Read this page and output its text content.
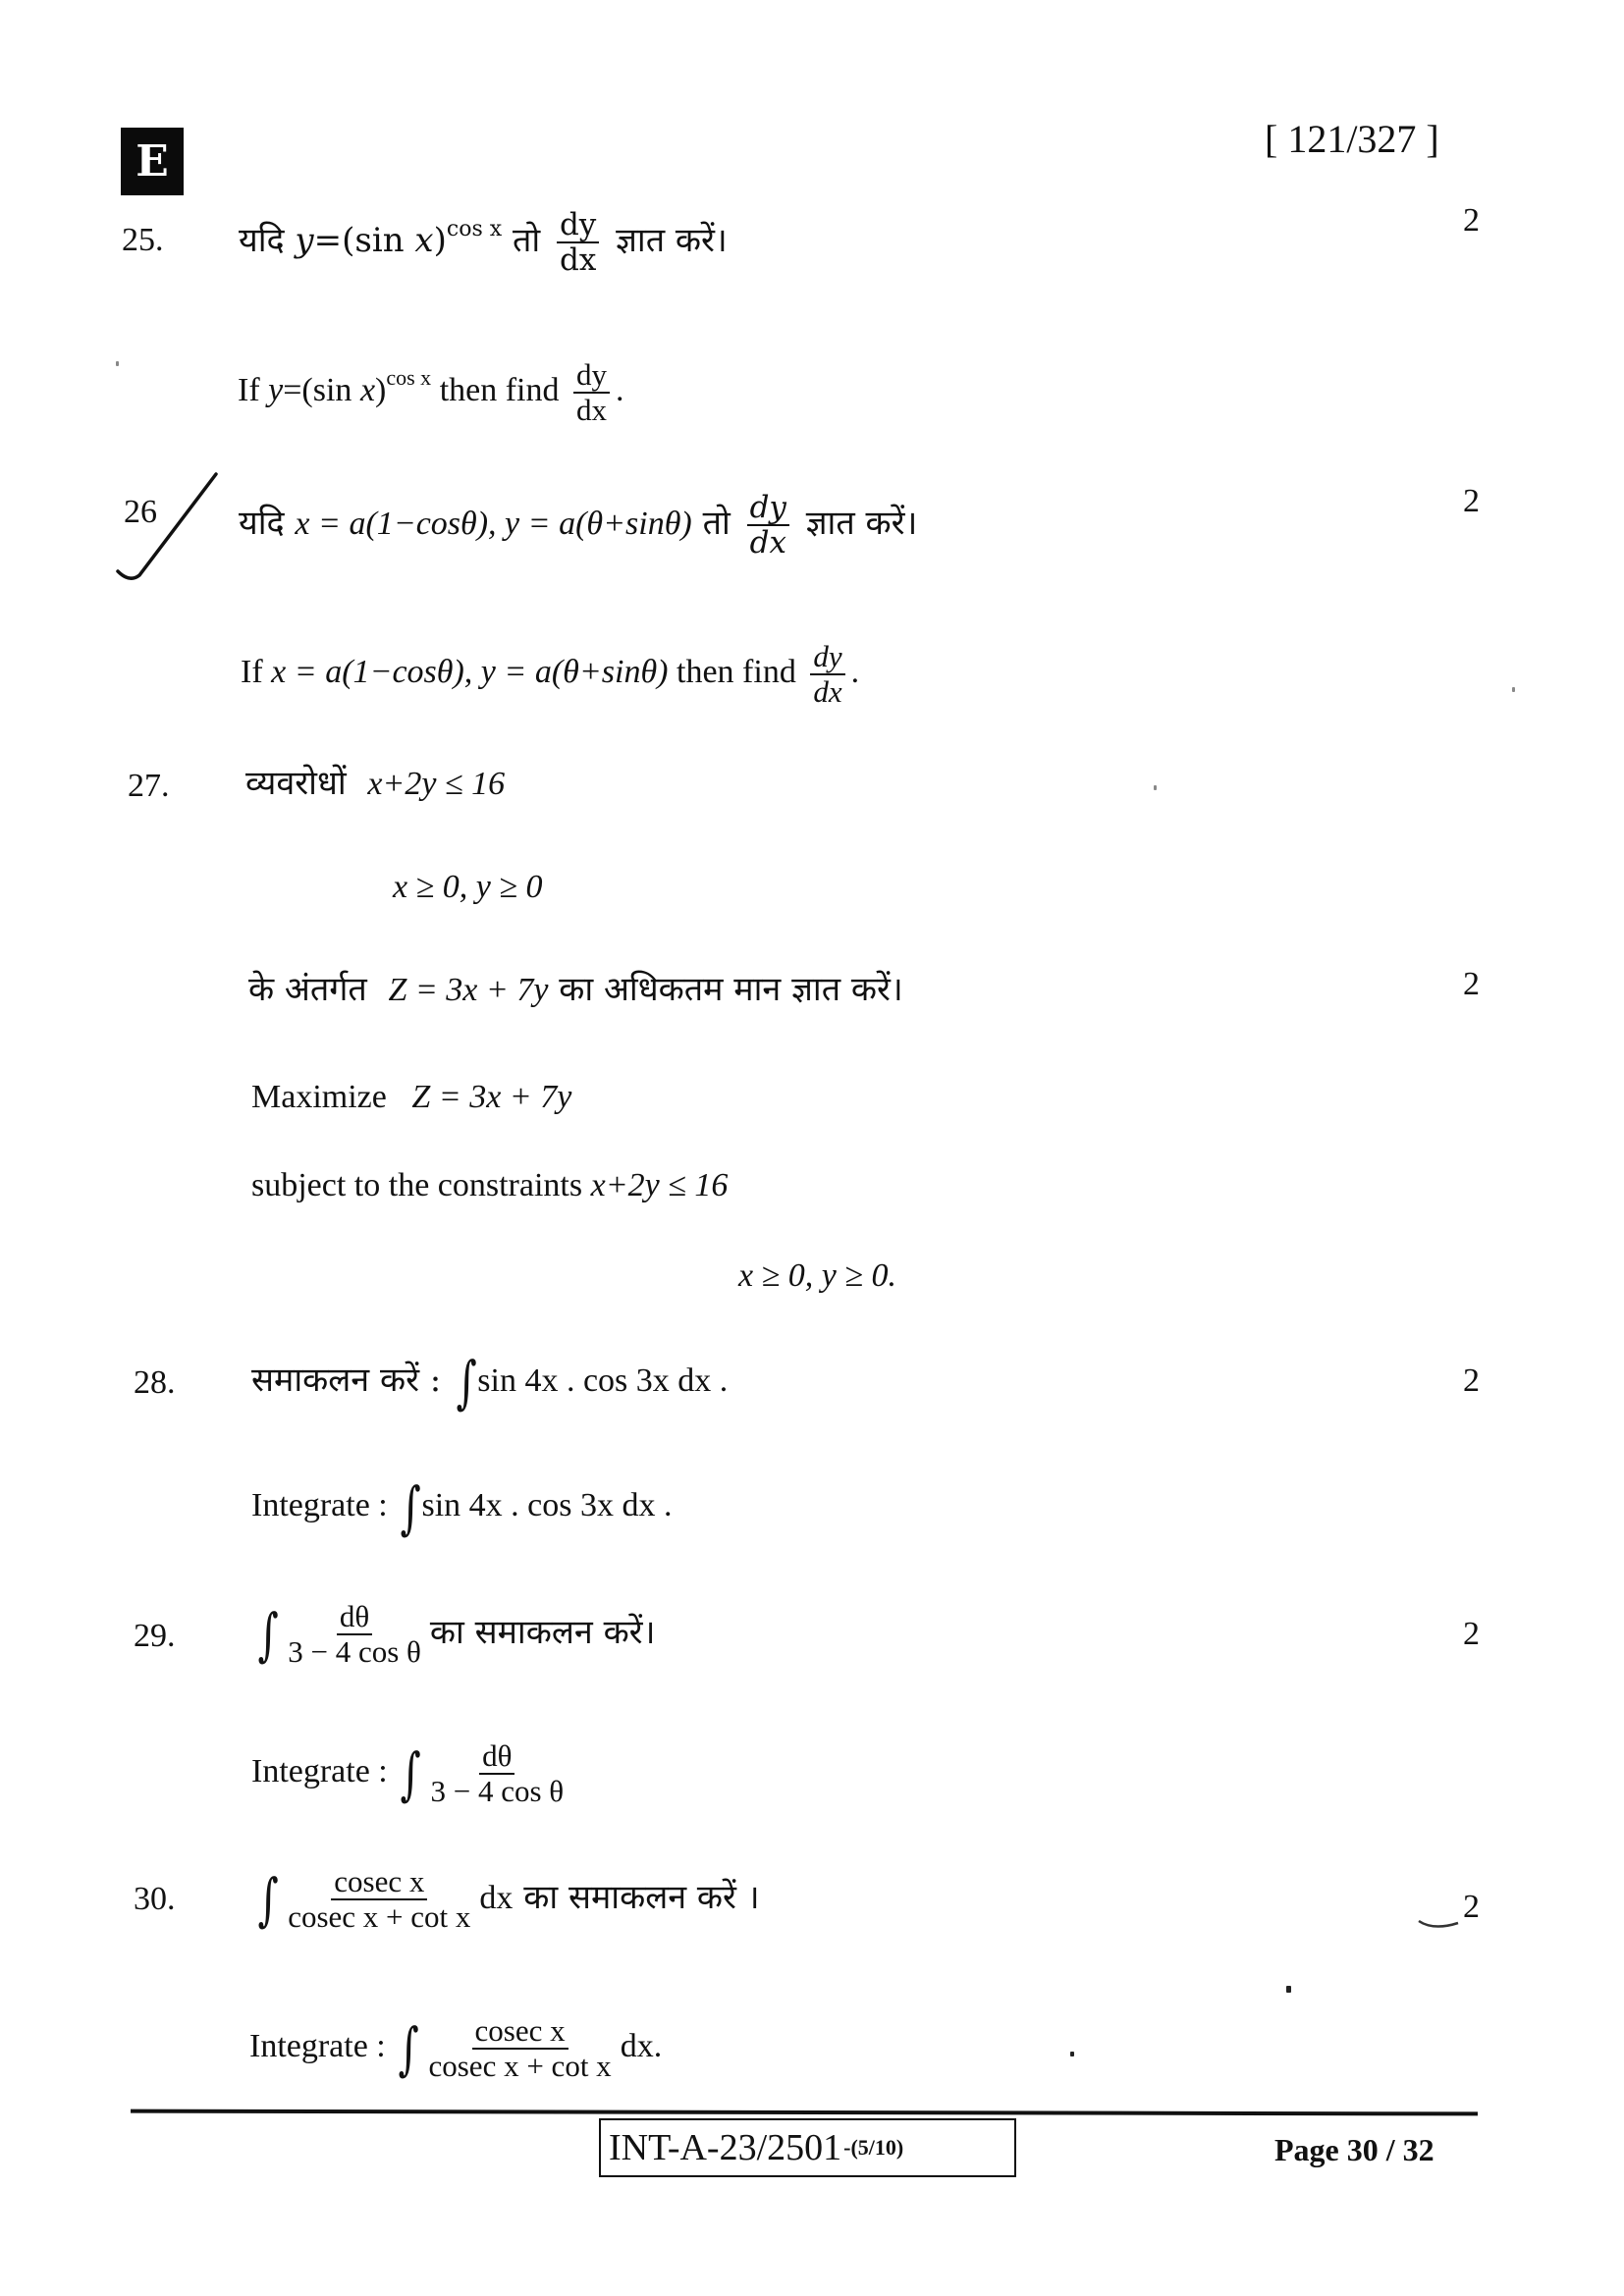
E	[ 121/327 ]
25. यदि y=(sin x)$^{cos x}$ तो $\frac{dy}{dx}$ ज्ञात करें।
2
If y=(sin x)$^{cos x}$ then find $\frac{dy}{dx}$ .
26 यदि x = a(1−cosθ), y = a(θ+sinθ) तो $\frac{dy}{dx}$ ज्ञात करें।
2
If x = a(1−cosθ), y = a(θ+sinθ) then find $\frac{dy}{dx}$ .
27. व्यवरोधों x+2y ≤ 16
x ≥ 0, y ≥ 0
के अंतर्गत Z = 3x + 7y का अधिकतम मान ज्ञात करें।	2
Maximize Z = 3x + 7y
subject to the constraints x+2y ≤ 16
x ≥ 0, y ≥ 0.
28. समाकलन करें : ∫sin 4x . cos 3x dx .	2
Integrate : ∫sin 4x . cos 3x dx .
29. ∫ $\frac{d\theta}{\text{3 − 4 cos θ}}$ का समाकलन करें।	2
Integrate : ∫ $\frac{d\theta}{\text{3 − 4 cos θ}}$
30. ∫ $\frac{\text{cosec x}}{\text{cosec x + cot x}}$ dx का समाकलन करें ।	2
Integrate : ∫ $\frac{\text{cosec x}}{\text{cosec x + cot x}}$ dx.
INT-A-23/2501 -(5/10)	Page 30 / 32
